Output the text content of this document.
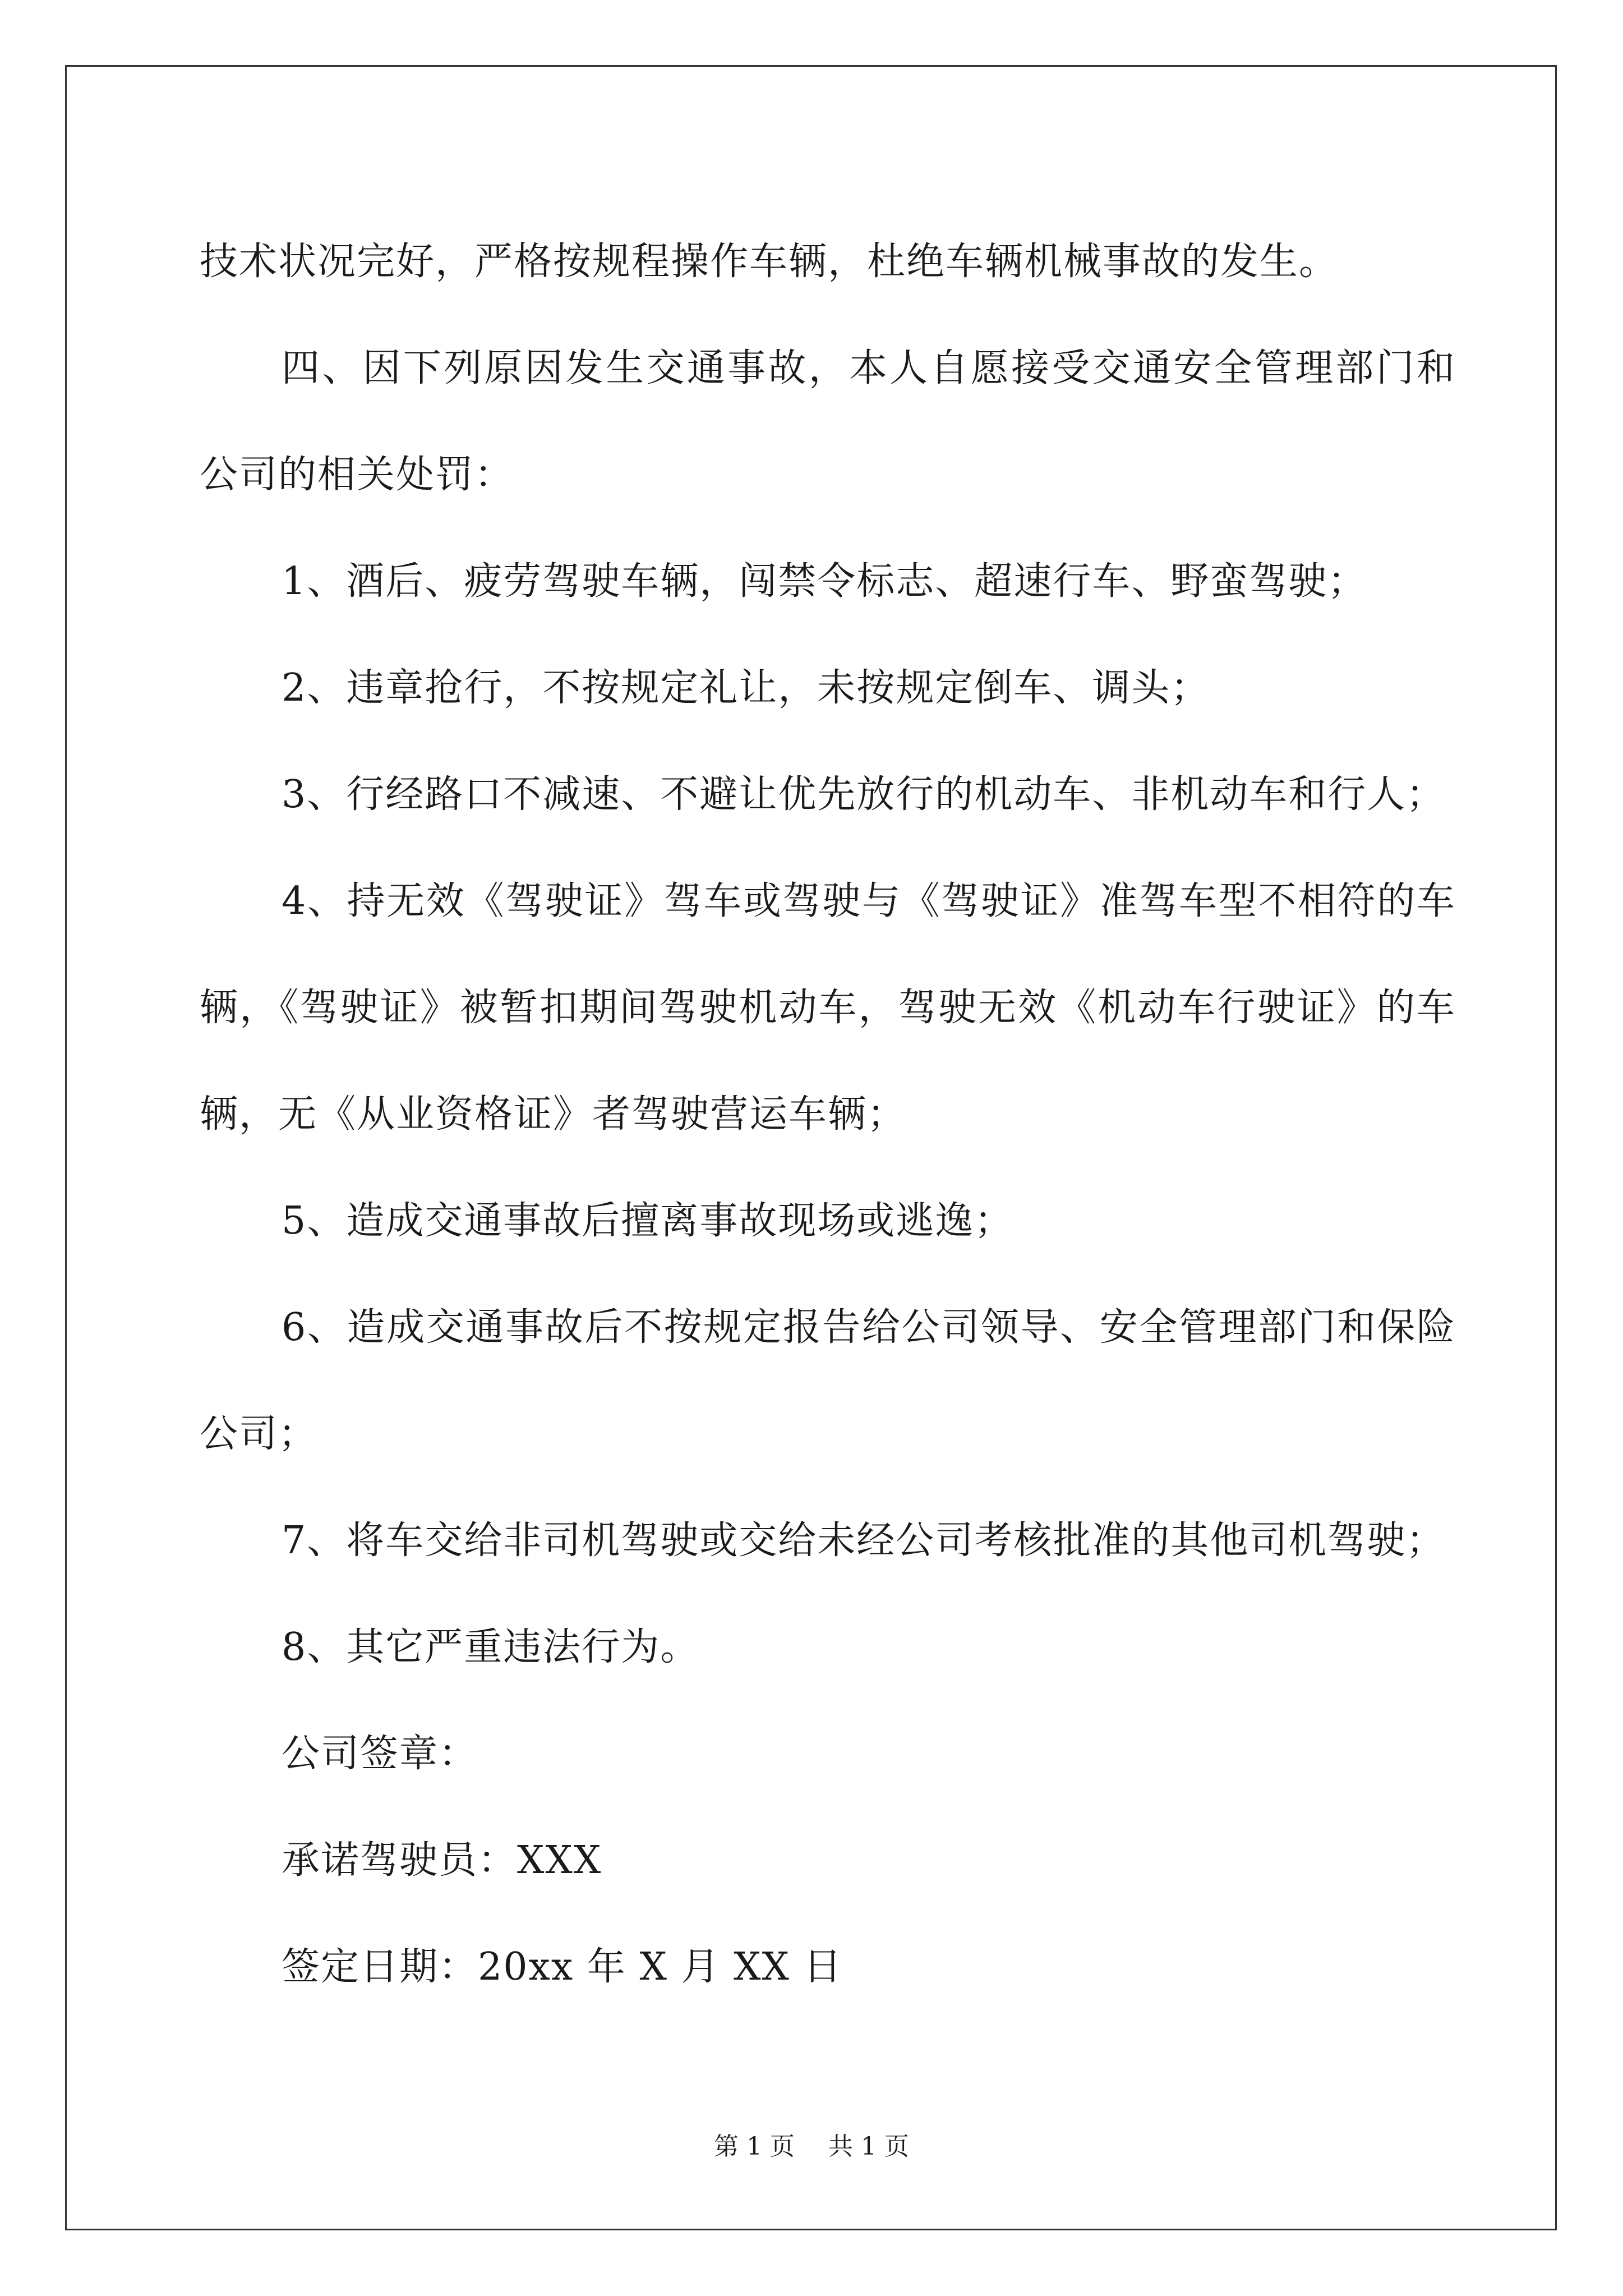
技术状况完好，严格按规程操作车辆，杜绝车辆机械事故的发生。

四、因下列原因发生交通事故，本人自愿接受交通安全管理部门和公司的相关处罚：

1、酒后、疲劳驾驶车辆，闯禁令标志、超速行车、野蛮驾驶；

2、违章抢行，不按规定礼让，未按规定倒车、调头；

3、行经路口不减速、不避让优先放行的机动车、非机动车和行人；

4、持无效《驾驶证》驾车或驾驶与《驾驶证》准驾车型不相符的车辆，《驾驶证》被暂扣期间驾驶机动车，驾驶无效《机动车行驶证》的车辆，无《从业资格证》者驾驶营运车辆；

5、造成交通事故后擅离事故现场或逃逸；

6、造成交通事故后不按规定报告给公司领导、安全管理部门和保险公司；

7、将车交给非司机驾驶或交给未经公司考核批准的其他司机驾驶；

8、其它严重违法行为。

公司签章：

承诺驾驶员：XXX

签定日期：20xx 年 X 月 XX 日

第 1 页 共 1 页
